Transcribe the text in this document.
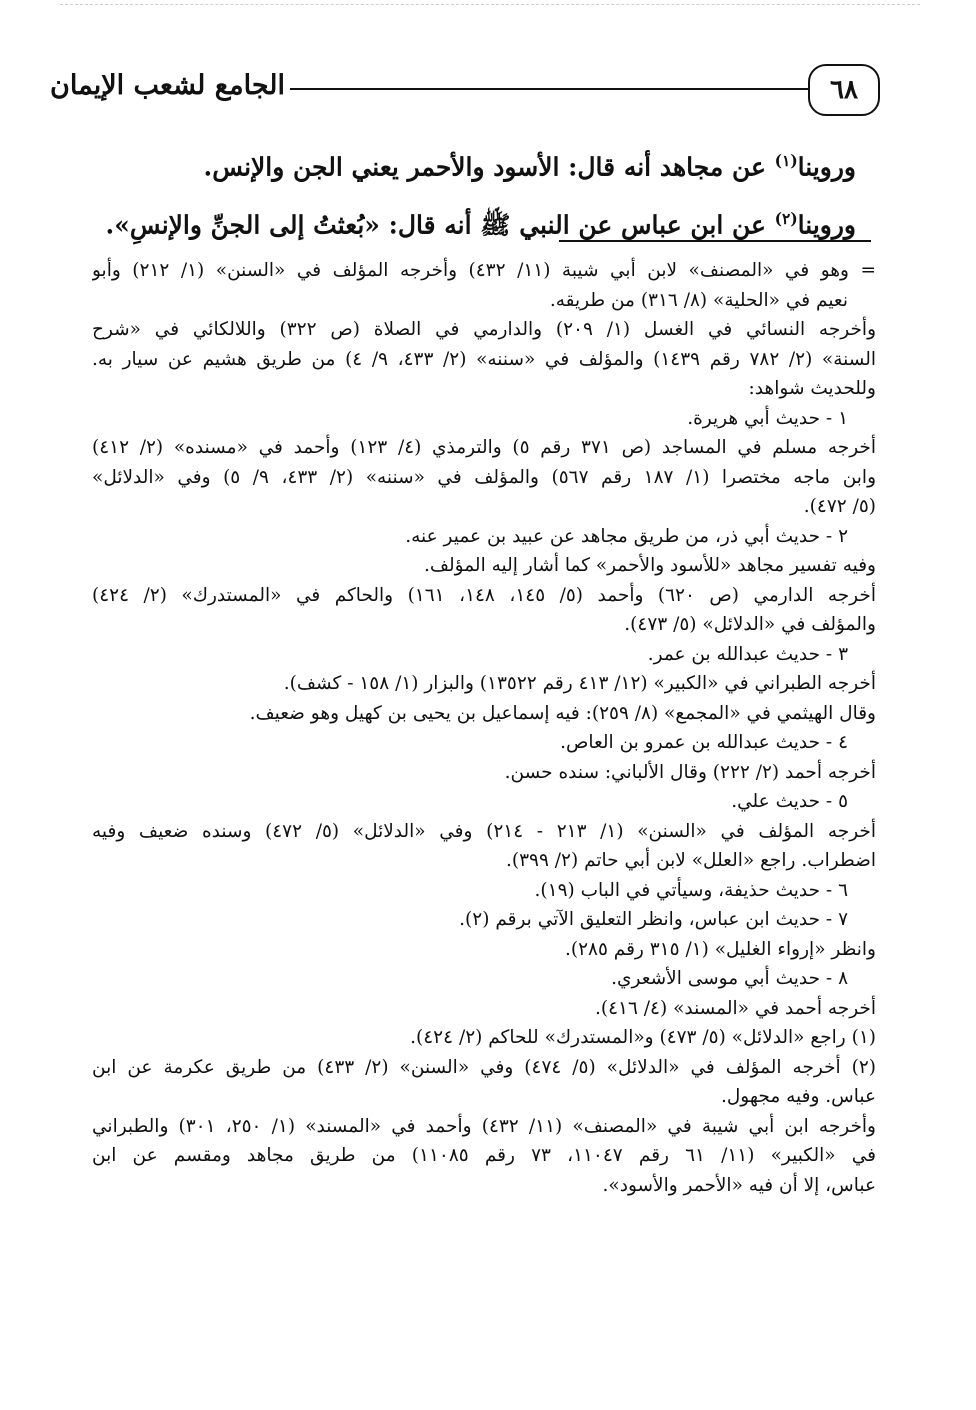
٦٨
الجامع لشعب الإيمان
وروينا$^{(١)}$ عن مجاهد أنه قال: الأسود والأحمر يعني الجن والإنس.
وروينا$^{(٢)}$ عن ابن عباس عن النبي ﷺ أنه قال: «بُعثتُ إلى الجنِّ والإنسِ».
= وهو في «المصنف» لابن أبي شيبة (١١/ ٤٣٢) وأخرجه المؤلف في «السنن» (١/ ٢١٢) وأبو
نعيم في «الحلية» (٨/ ٣١٦) من طريقه.
وأخرجه النسائي في الغسل (١/ ٢٠٩) والدارمي في الصلاة (ص ٣٢٢) واللالكائي في «شرح
السنة» (٢/ ٧٨٢ رقم ١٤٣٩) والمؤلف في «سننه» (٢/ ٤٣٣، ٩/ ٤) من طريق هشيم عن سيار به.
وللحديث شواهد:
١ - حديث أبي هريرة.
أخرجه مسلم في المساجد (ص ٣٧١ رقم ٥) والترمذي (٤/ ١٢٣) وأحمد في «مسنده» (٢/ ٤١٢)
وابن ماجه مختصرا (١/ ١٨٧ رقم ٥٦٧) والمؤلف في «سننه» (٢/ ٤٣٣، ٩/ ٥) وفي «الدلائل»
(٥/ ٤٧٢).
٢ - حديث أبي ذر، من طريق مجاهد عن عبيد بن عمير عنه.
وفيه تفسير مجاهد «للأسود والأحمر» كما أشار إليه المؤلف.
أخرجه الدارمي (ص ٦٢٠) وأحمد (٥/ ١٤٥، ١٤٨، ١٦١) والحاكم في «المستدرك» (٢/ ٤٢٤)
والمؤلف في «الدلائل» (٥/ ٤٧٣).
٣ - حديث عبدالله بن عمر.
أخرجه الطبراني في «الكبير» (١٢/ ٤١٣ رقم ١٣٥٢٢) والبزار (١/ ١٥٨ - كشف).
وقال الهيثمي في «المجمع» (٨/ ٢٥٩): فيه إسماعيل بن يحيى بن كهيل وهو ضعيف.
٤ - حديث عبدالله بن عمرو بن العاص.
أخرجه أحمد (٢/ ٢٢٢) وقال الألباني: سنده حسن.
٥ - حديث علي.
أخرجه المؤلف في «السنن» (١/ ٢١٣ - ٢١٤) وفي «الدلائل» (٥/ ٤٧٢) وسنده ضعيف وفيه
اضطراب. راجع «العلل» لابن أبي حاتم (٢/ ٣٩٩).
٦ - حديث حذيفة، وسيأتي في الباب (١٩).
٧ - حديث ابن عباس، وانظر التعليق الآتي برقم (٢).
وانظر «إرواء الغليل» (١/ ٣١٥ رقم ٢٨٥).
٨ - حديث أبي موسى الأشعري.
أخرجه أحمد في «المسند» (٤/ ٤١٦).
(١) راجع «الدلائل» (٥/ ٤٧٣) و«المستدرك» للحاكم (٢/ ٤٢٤).
(٢) أخرجه المؤلف في «الدلائل» (٥/ ٤٧٤) وفي «السنن» (٢/ ٤٣٣) من طريق عكرمة عن ابن
عباس. وفيه مجهول.
وأخرجه ابن أبي شيبة في «المصنف» (١١/ ٤٣٢) وأحمد في «المسند» (١/ ٢٥٠، ٣٠١) والطبراني
في «الكبير» (١١/ ٦١ رقم ١١٠٤٧، ٧٣ رقم ١١٠٨٥) من طريق مجاهد ومقسم عن ابن
عباس، إلا أن فيه «الأحمر والأسود».
